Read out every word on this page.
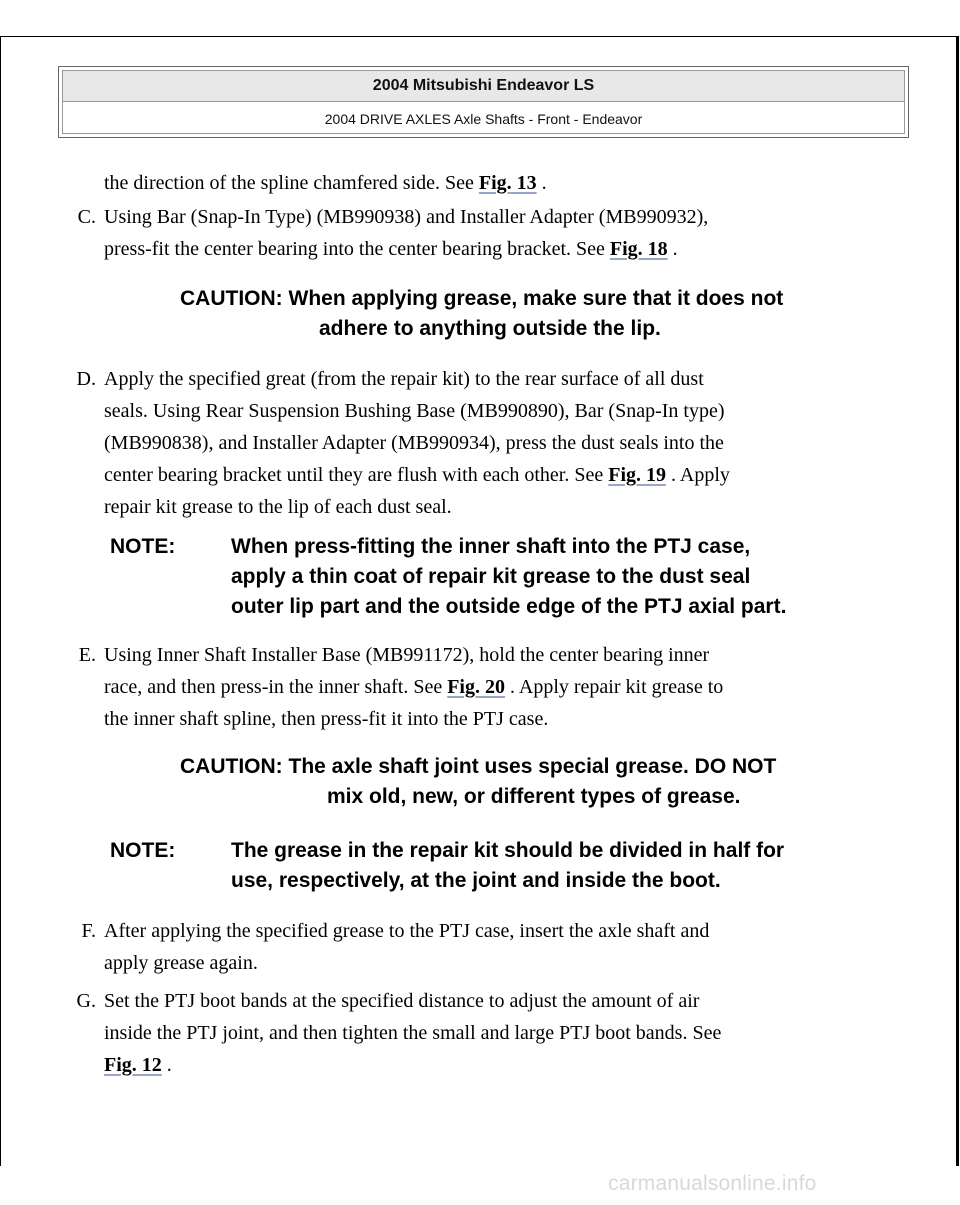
2004 Mitsubishi Endeavor LS
2004 DRIVE AXLES Axle Shafts - Front - Endeavor
the direction of the spline chamfered side. See Fig. 13 .
C. Using Bar (Snap-In Type) (MB990938) and Installer Adapter (MB990932),
press-fit the center bearing into the center bearing bracket. See Fig. 18 .
CAUTION: When applying grease, make sure that it does not
adhere to anything outside the lip.
D. Apply the specified great (from the repair kit) to the rear surface of all dust
seals. Using Rear Suspension Bushing Base (MB990890), Bar (Snap-In type)
(MB990838), and Installer Adapter (MB990934), press the dust seals into the
center bearing bracket until they are flush with each other. See Fig. 19 . Apply
repair kit grease to the lip of each dust seal.
NOTE:	When press-fitting the inner shaft into the PTJ case,
apply a thin coat of repair kit grease to the dust seal
outer lip part and the outside edge of the PTJ axial part.
E. Using Inner Shaft Installer Base (MB991172), hold the center bearing inner
race, and then press-in the inner shaft. See Fig. 20 . Apply repair kit grease to
the inner shaft spline, then press-fit it into the PTJ case.
CAUTION: The axle shaft joint uses special grease. DO NOT
mix old, new, or different types of grease.
NOTE:	The grease in the repair kit should be divided in half for
use, respectively, at the joint and inside the boot.
F. After applying the specified grease to the PTJ case, insert the axle shaft and
apply grease again.
G. Set the PTJ boot bands at the specified distance to adjust the amount of air
inside the PTJ joint, and then tighten the small and large PTJ boot bands. See
Fig. 12 .
carmanualsonline.info
